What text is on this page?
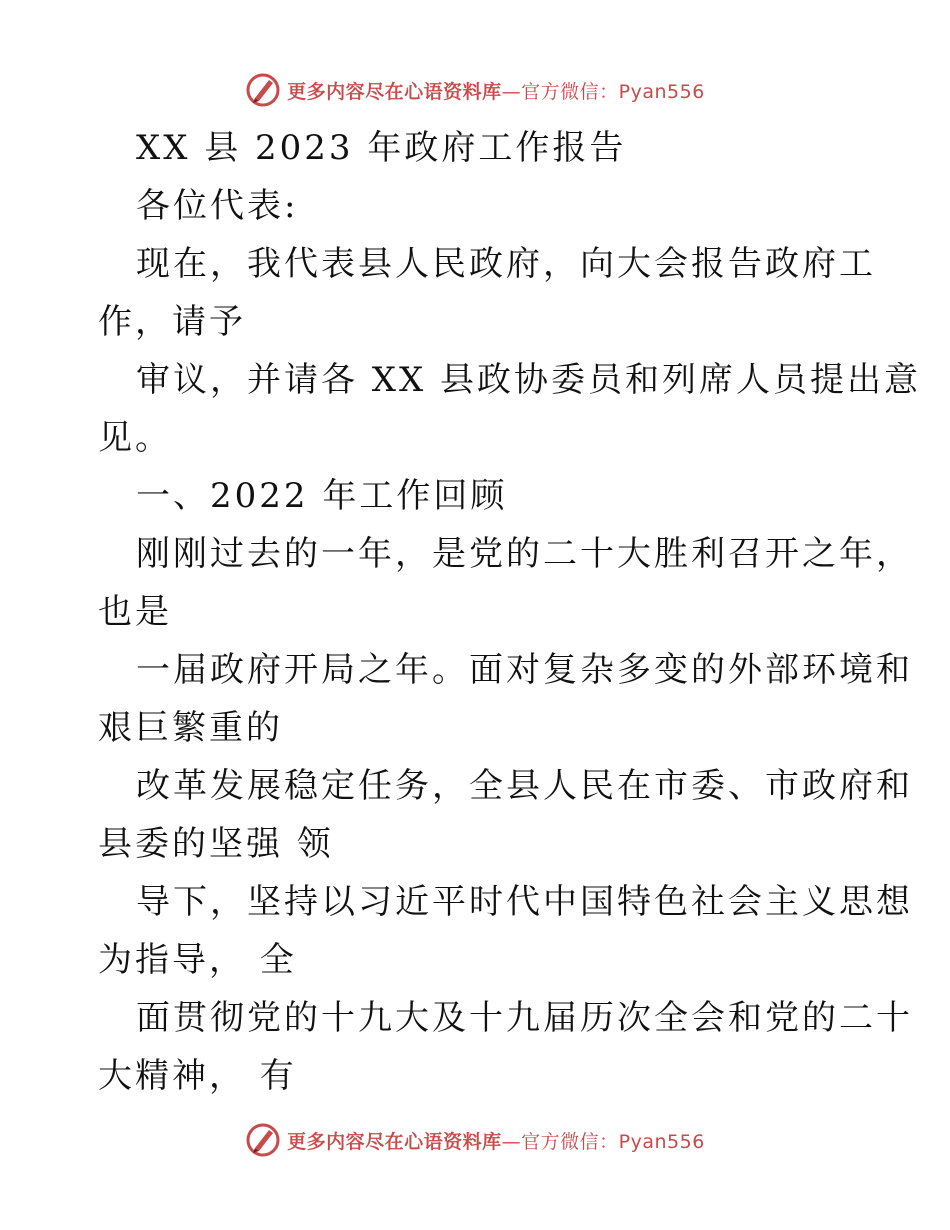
更多内容尽在心语资料库—官方微信：Pyan556
XX 县 2023 年政府工作报告
各位代表:
现在，我代表县人民政府，向大会报告政府工
作，请予
审议，并请各 XX 县政协委员和列席人员提出意
见。
一、2022 年工作回顾
刚刚过去的一年，是党的二十大胜利召开之年，
也是
一届政府开局之年。面对复杂多变的外部环境和
艰巨繁重的
改革发展稳定任务，全县人民在市委、市政府和
县委的坚强 领
导下，坚持以习近平时代中国特色社会主义思想
为指导， 全
面贯彻党的十九大及十九届历次全会和党的二十
大精神， 有
更多内容尽在心语资料库—官方微信：Pyan556
